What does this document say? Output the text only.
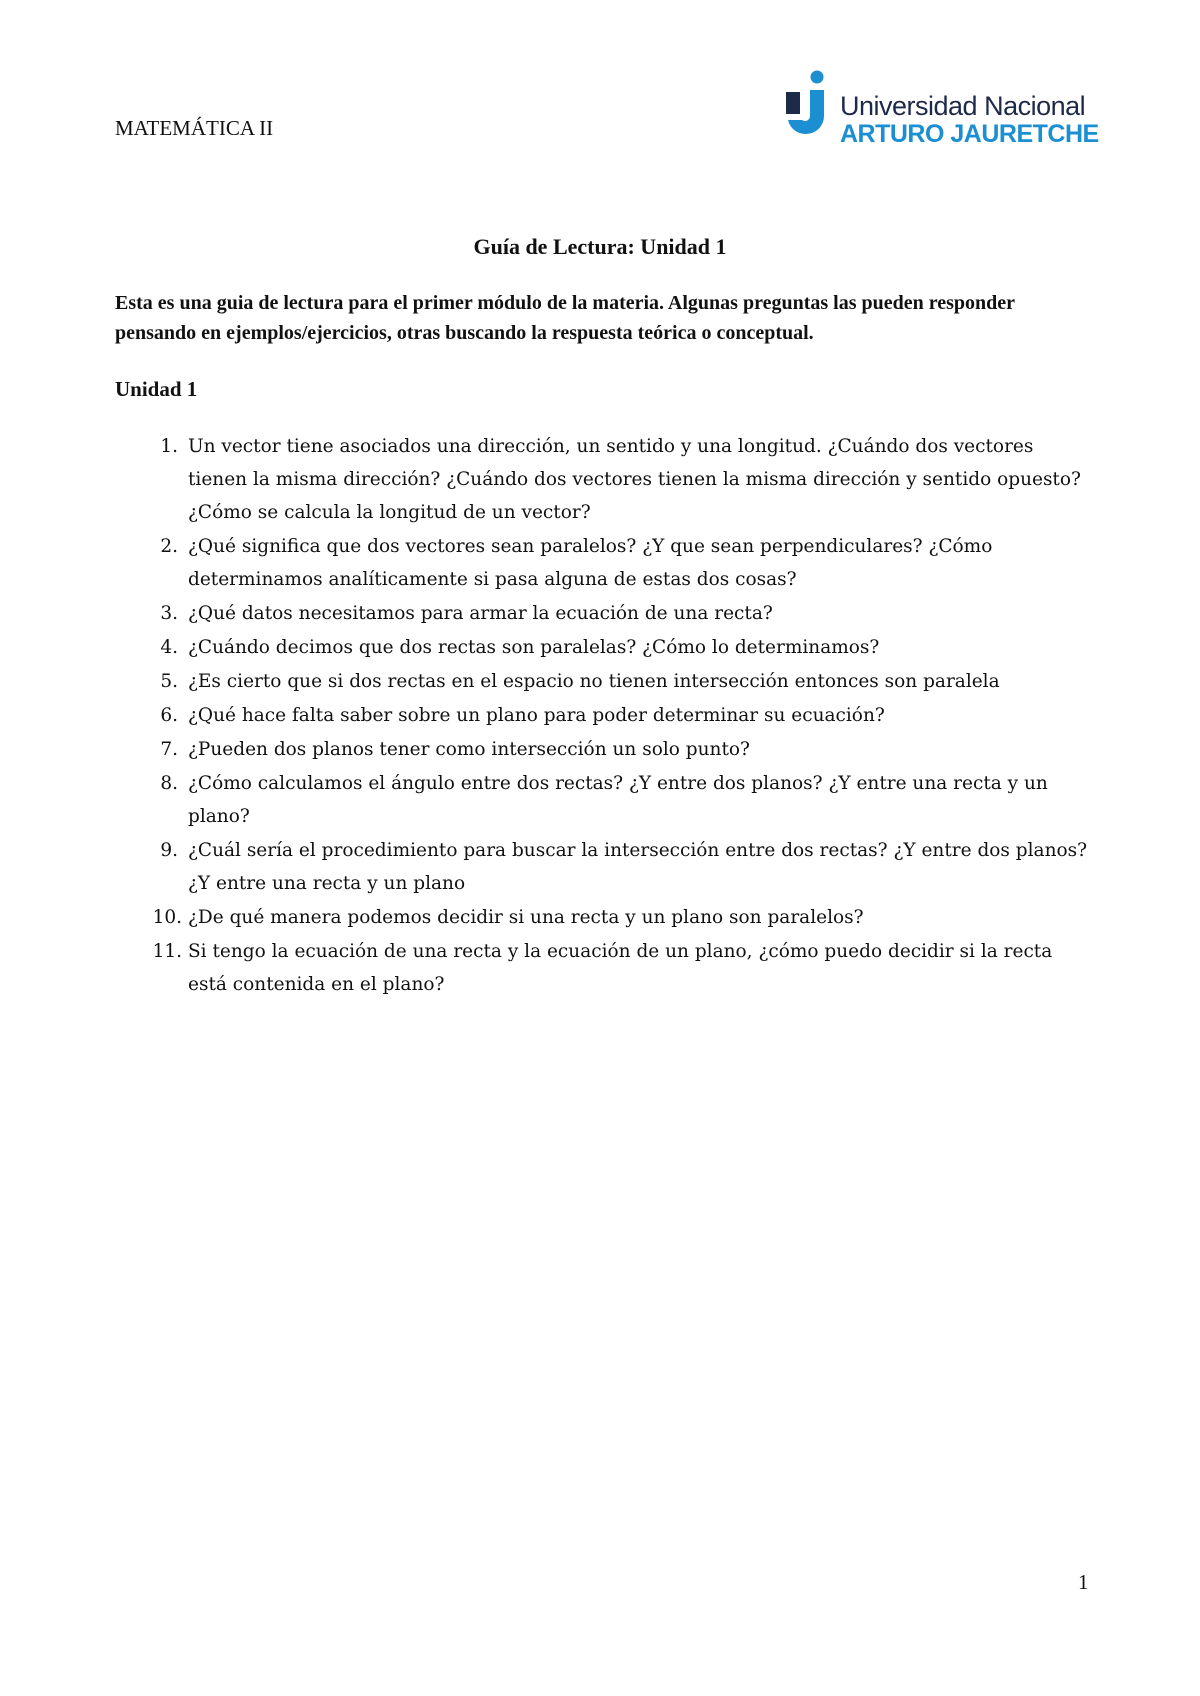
MATEMÁTICA II
Universidad Nacional
ARTURO JAURETCHE
Guía de Lectura: Unidad 1
Esta es una guia de lectura para el primer módulo de la materia. Algunas preguntas las pueden responder pensando en ejemplos/ejercicios, otras buscando la respuesta teórica o conceptual.
Unidad 1
1. Un vector tiene asociados una dirección, un sentido y una longitud. ¿Cuándo dos vectores tienen la misma dirección? ¿Cuándo dos vectores tienen la misma dirección y sentido opuesto? ¿Cómo se calcula la longitud de un vector?
2. ¿Qué significa que dos vectores sean paralelos? ¿Y que sean perpendiculares? ¿Cómo determinamos analíticamente si pasa alguna de estas dos cosas?
3. ¿Qué datos necesitamos para armar la ecuación de una recta?
4. ¿Cuándo decimos que dos rectas son paralelas? ¿Cómo lo determinamos?
5. ¿Es cierto que si dos rectas en el espacio no tienen intersección entonces son paralela
6. ¿Qué hace falta saber sobre un plano para poder determinar su ecuación?
7. ¿Pueden dos planos tener como intersección un solo punto?
8. ¿Cómo calculamos el ángulo entre dos rectas? ¿Y entre dos planos? ¿Y entre una recta y un plano?
9. ¿Cuál sería el procedimiento para buscar la intersección entre dos rectas? ¿Y entre dos planos? ¿Y entre una recta y un plano
10. ¿De qué manera podemos decidir si una recta y un plano son paralelos?
11. Si tengo la ecuación de una recta y la ecuación de un plano, ¿cómo puedo decidir si la recta está contenida en el plano?
1
